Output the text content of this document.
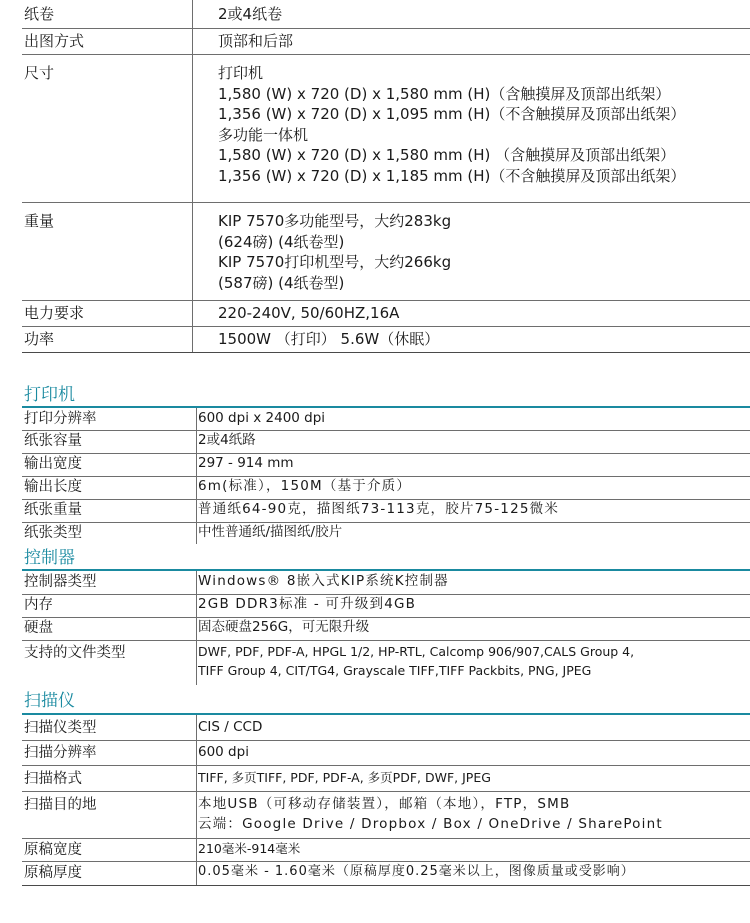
纸卷	2或4纸卷
出图方式	顶部和后部
尺寸	打印机
1,580 (W) x 720 (D) x 1,580 mm (H)（含触摸屏及顶部出纸架）
1,356 (W) x 720 (D) x 1,095 mm (H)（不含触摸屏及顶部出纸架）
多功能一体机
1,580 (W) x 720 (D) x 1,580 mm (H) （含触摸屏及顶部出纸架）
1,356 (W) x 720 (D) x 1,185 mm (H)（不含触摸屏及顶部出纸架）
重量	KIP 7570多功能型号，大约283kg
(624磅) (4纸卷型)
KIP 7570打印机型号，大约266kg
(587磅) (4纸卷型)
电力要求	220-240V, 50/60HZ,16A
功率	1500W （打印） 5.6W（休眠）
打印机
打印分辨率	600 dpi x 2400 dpi
纸张容量	2或4纸路
输出宽度	297 - 914 mm
输出长度	6m(标准），150M（基于介质）
纸张重量	普通纸64-90克，描图纸73-113克，胶片75-125微米
纸张类型	中性普通纸/描图纸/胶片
控制器
控制器类型	Windows® 8嵌入式KIP系统K控制器
内存	2GB DDR3标准 - 可升级到4GB
硬盘	固态硬盘256G，可无限升级
支持的文件类型	DWF, PDF, PDF-A, HPGL 1/2, HP-RTL, Calcomp 906/907,CALS Group 4,
TIFF Group 4, CIT/TG4, Grayscale TIFF,TIFF Packbits, PNG, JPEG
扫描仪
扫描仪类型	CIS / CCD
扫描分辨率	600 dpi
扫描格式	TIFF, 多页TIFF, PDF, PDF-A, 多页PDF, DWF, JPEG
扫描目的地	本地USB（可移动存储装置），邮箱（本地），FTP，SMB
云端：Google Drive / Dropbox / Box / OneDrive / SharePoint
原稿宽度	210毫米-914毫米
原稿厚度	0.05毫米 - 1.60毫米（原稿厚度0.25毫米以上，图像质量或受影响）
